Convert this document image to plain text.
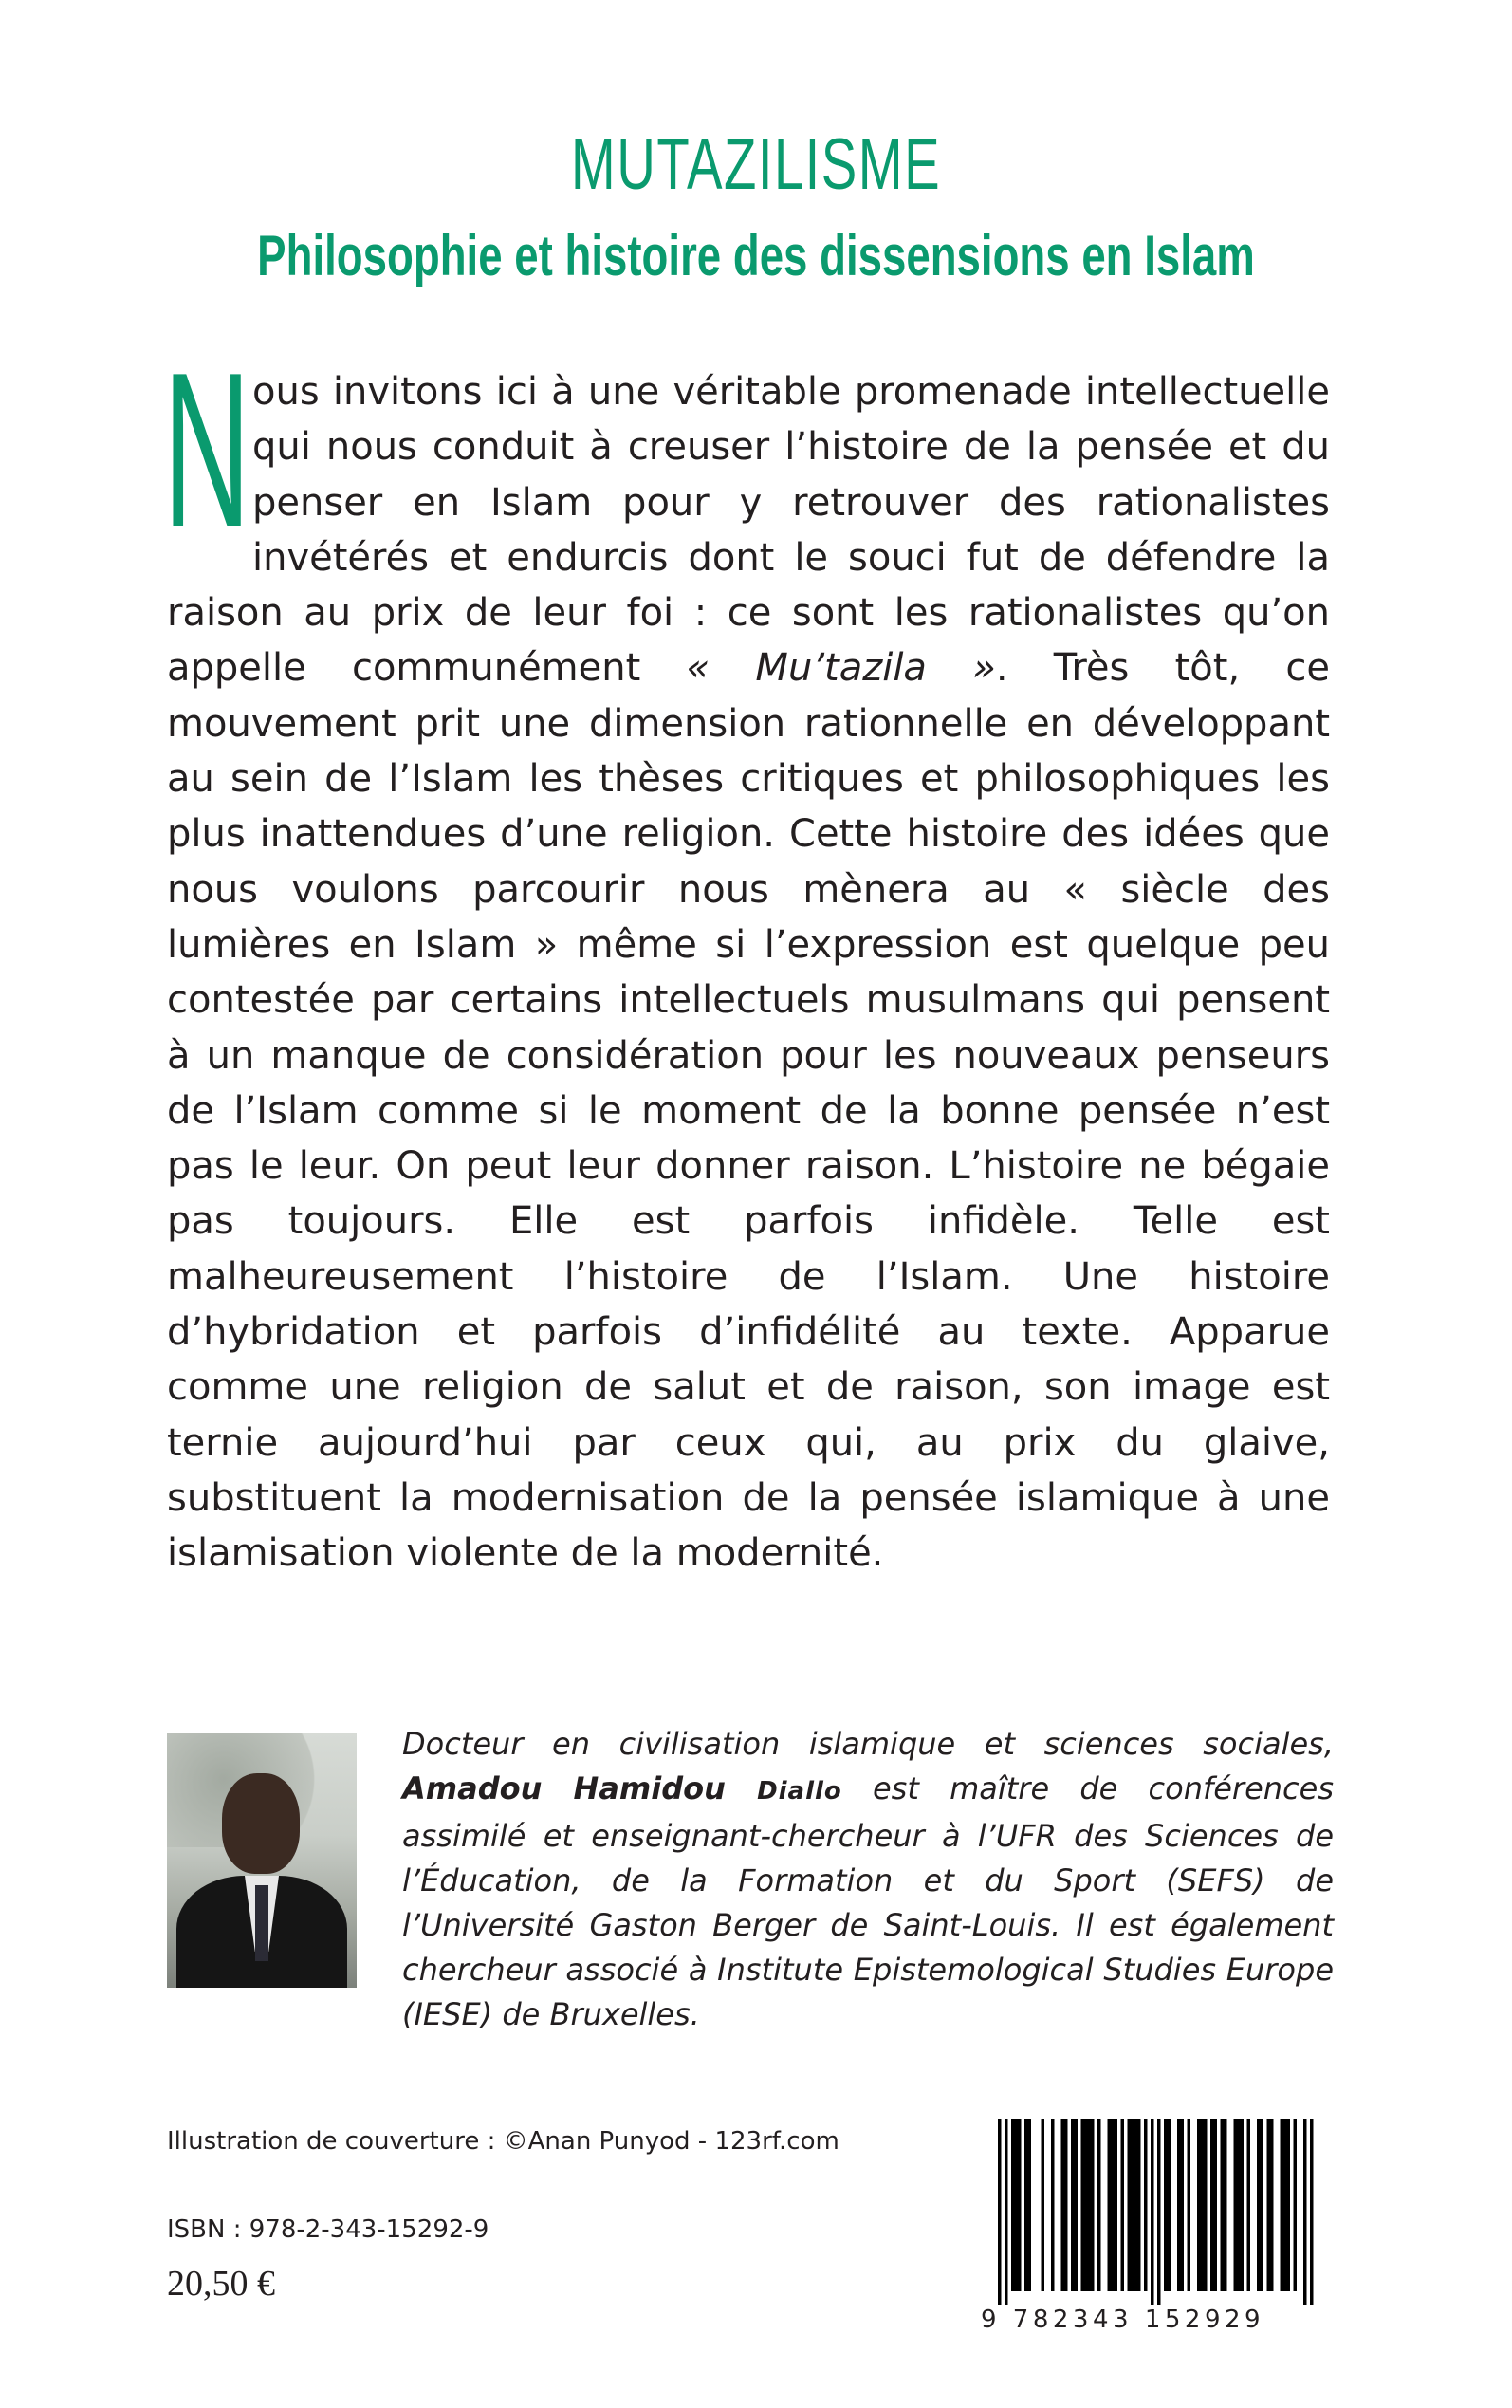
MUTAZILISME
Philosophie et histoire des dissensions en Islam

Nous invitons ici à une véritable promenade intellectuelle qui nous conduit à creuser l’histoire de la pensée et du penser en Islam pour y retrouver des rationalistes invétérés et endurcis dont le souci fut de défendre la raison au prix de leur foi : ce sont les rationalistes qu’on appelle communément « Mu’tazila ». Très tôt, ce mouvement prit une dimension rationnelle en développant au sein de l’Islam les thèses critiques et philosophiques les plus inattendues d’une religion. Cette histoire des idées que nous voulons parcourir nous mènera au « siècle des lumières en Islam » même si l’expression est quelque peu contestée par certains intellectuels musulmans qui pensent à un manque de considération pour les nouveaux penseurs de l’Islam comme si le moment de la bonne pensée n’est pas le leur. On peut leur donner raison. L’histoire ne bégaie pas toujours. Elle est parfois infidèle. Telle est malheureusement l’histoire de l’Islam. Une histoire d’hybridation et parfois d’infidélité au texte. Apparue comme une religion de salut et de raison, son image est ternie aujourd’hui par ceux qui, au prix du glaive, substituent la modernisation de la pensée islamique à une islamisation violente de la modernité.

Docteur en civilisation islamique et sciences sociales, Amadou Hamidou Diallo est maître de conférences assimilé et enseignant-chercheur à l’UFR des Sciences de l’Éducation, de la Formation et du Sport (SEFS) de l’Université Gaston Berger de Saint-Louis. Il est également chercheur associé à Institute Epistemological Studies Europe (IESE) de Bruxelles.

Illustration de couverture : ©Anan Punyod - 123rf.com

ISBN : 978-2-343-15292-9

20,50 €

9 782343 152929
